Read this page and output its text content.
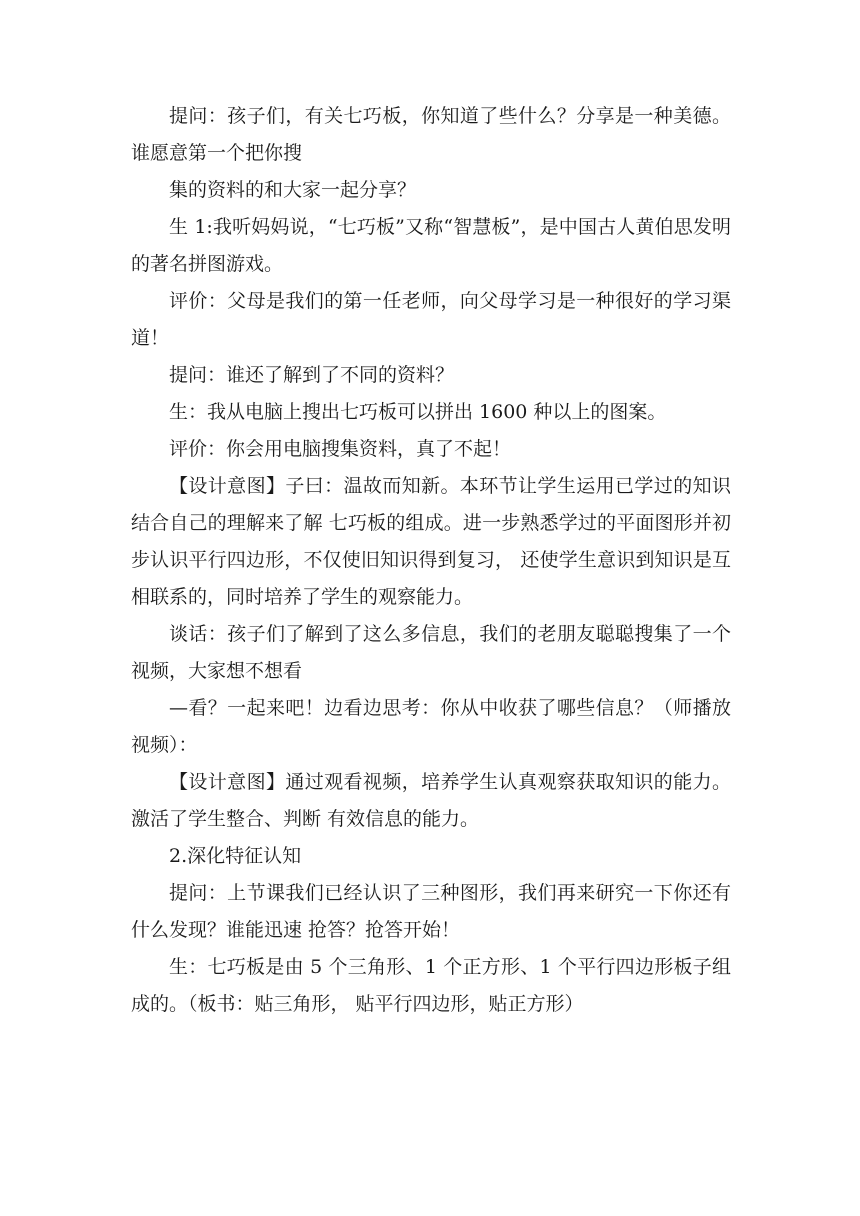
提问：孩子们，有关七巧板，你知道了些什么？分享是一种美德。谁愿意第一个把你搜

集的资料的和大家一起分享？

生 1:我听妈妈说，“七巧板”又称“智慧板”，是中国古人黄伯思发明的著名拼图游戏。

评价：父母是我们的第一任老师，向父母学习是一种很好的学习渠道！

提问：谁还了解到了不同的资料？

生：我从电脑上搜出七巧板可以拼出 1600 种以上的图案。

评价：你会用电脑搜集资料，真了不起！

【设计意图】子曰：温故而知新。本环节让学生运用已学过的知识结合自己的理解来了解 七巧板的组成。进一步熟悉学过的平面图形并初步认识平行四边形，不仅使旧知识得到复习， 还使学生意识到知识是互相联系的，同时培养了学生的观察能力。

谈话：孩子们了解到了这么多信息，我们的老朋友聪聪搜集了一个视频，大家想不想看

—看？一起来吧！边看边思考：你从中收获了哪些信息？（师播放视频）：

【设计意图】通过观看视频，培养学生认真观察获取知识的能力。激活了学生整合、判断 有效信息的能力。

2.深化特征认知

提问：上节课我们已经认识了三种图形，我们再来研究一下你还有什么发现？谁能迅速 抢答？抢答开始！

生：七巧板是由 5 个三角形、1 个正方形、1 个平行四边形板子组成的。（板书：贴三角形， 贴平行四边形，贴正方形）
